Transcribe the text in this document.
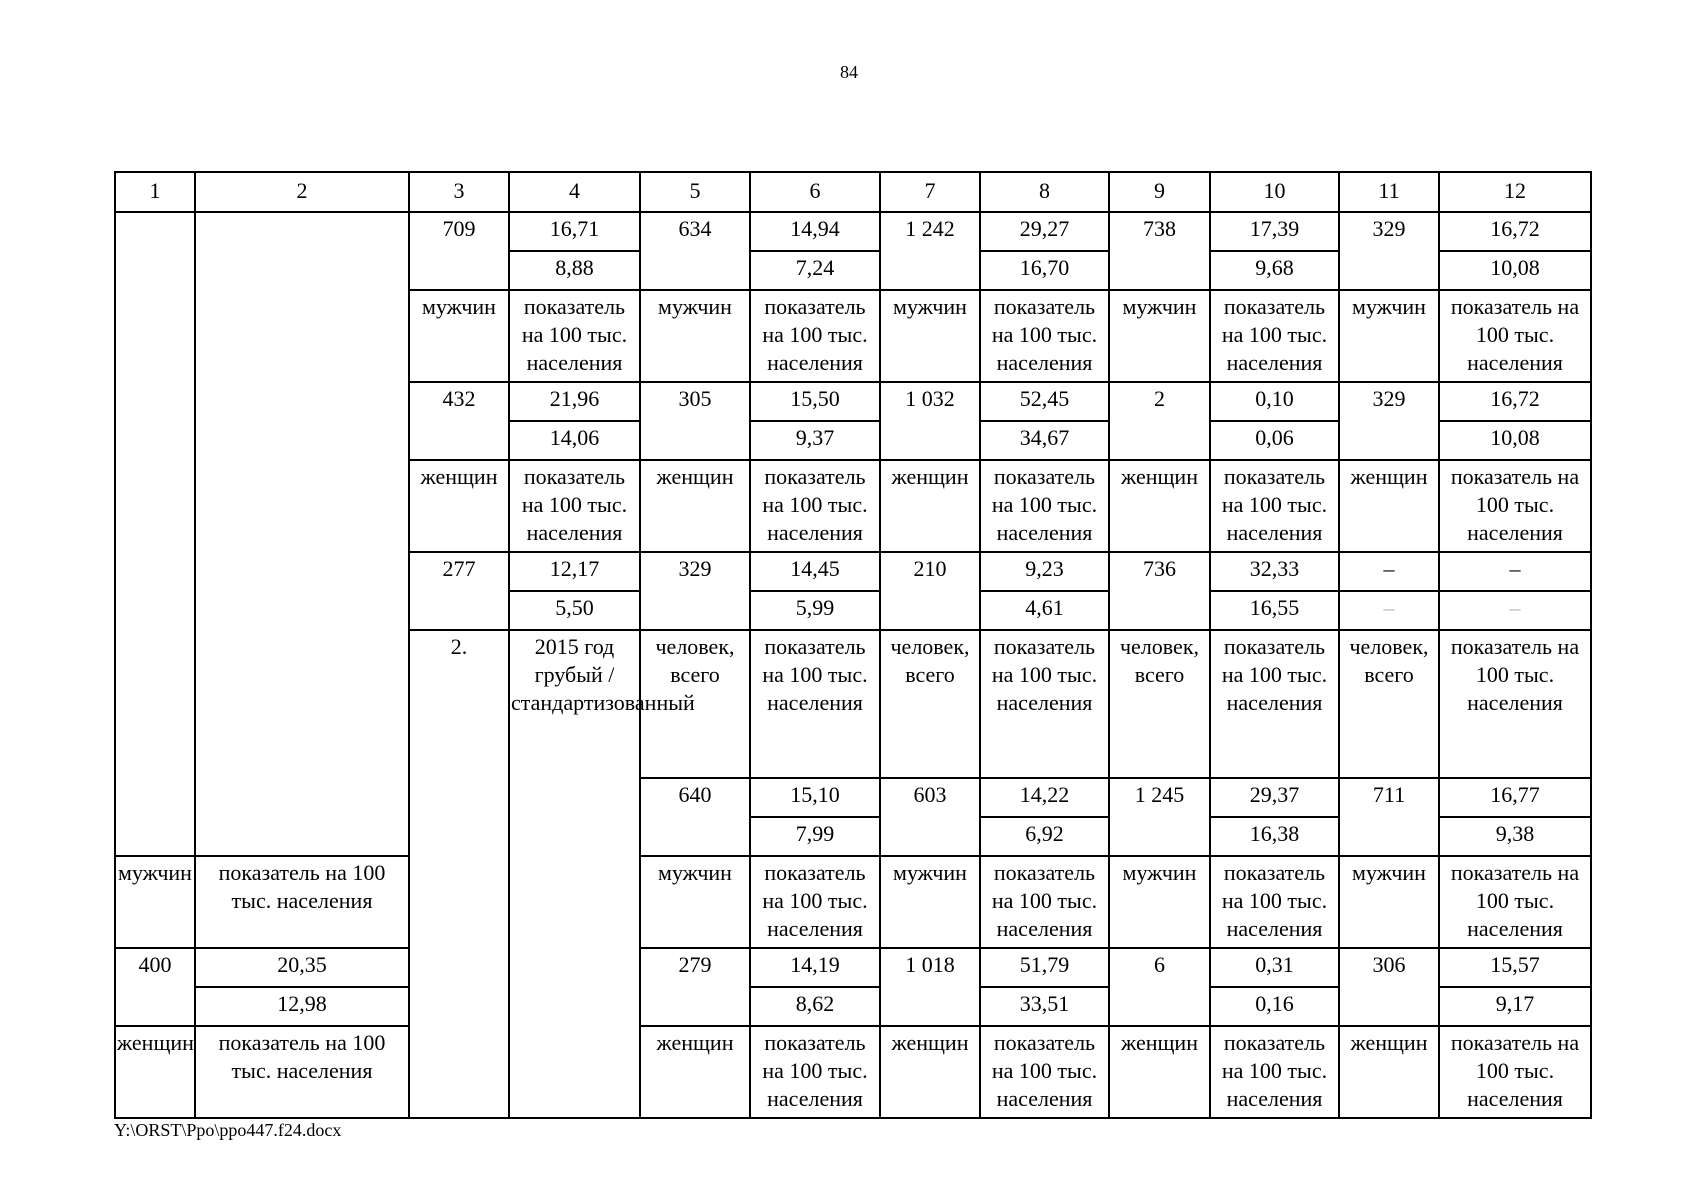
84
1	2	3	4	5	6	7	8	9	10	11	12	
		709	16,71	634	14,94	1 242	29,27	738	17,39	329	16,72	
			8,88		7,24		16,70		9,68		10,08	
		мужчин	показатель на 100 тыс. населения	мужчин	показатель на 100 тыс. населения	мужчин	показатель на 100 тыс. населения	мужчин	показатель на 100 тыс. населения	мужчин	показатель на 100 тыс. населения	
		432	21,96	305	15,50	1 032	52,45	2	0,10	329	16,72	
			14,06		9,37		34,67		0,06		10,08	
		женщин	показатель на 100 тыс. населения	женщин	показатель на 100 тыс. населения	женщин	показатель на 100 тыс. населения	женщин	показатель на 100 тыс. населения	женщин	показатель на 100 тыс. населения	
		277	12,17	329	14,45	210	9,23	736	32,33	–	–	
			5,50		5,99		4,61		16,55	–	–	
		2.	2015 год грубый / стандартизованный	человек, всего	показатель на 100 тыс. населения	человек, всего	показатель на 100 тыс. населения	человек, всего	показатель на 100 тыс. населения	человек, всего	показатель на 100 тыс. населения		
				640	15,10	603	14,22	1 245	29,37	711	16,77		
					7,99		6,92		16,38		9,38	
мужчин	показатель на 100 тыс. населения			мужчин	показатель на 100 тыс. населения	мужчин	показатель на 100 тыс. населения	мужчин	показатель на 100 тыс. населения	мужчин	показатель на 100 тыс. населения	
400	20,35			279	14,19	1 018	51,79	6	0,31	306	15,57	
	12,98				8,62		33,51		0,16		9,17	
женщин	показатель на 100 тыс. населения			женщин	показатель на 100 тыс. населения	женщин	показатель на 100 тыс. населения	женщин	показатель на 100 тыс. населения	женщин	показатель на 100 тыс. населения	
Y:\ORST\Ppo\ppo447.f24.docx
